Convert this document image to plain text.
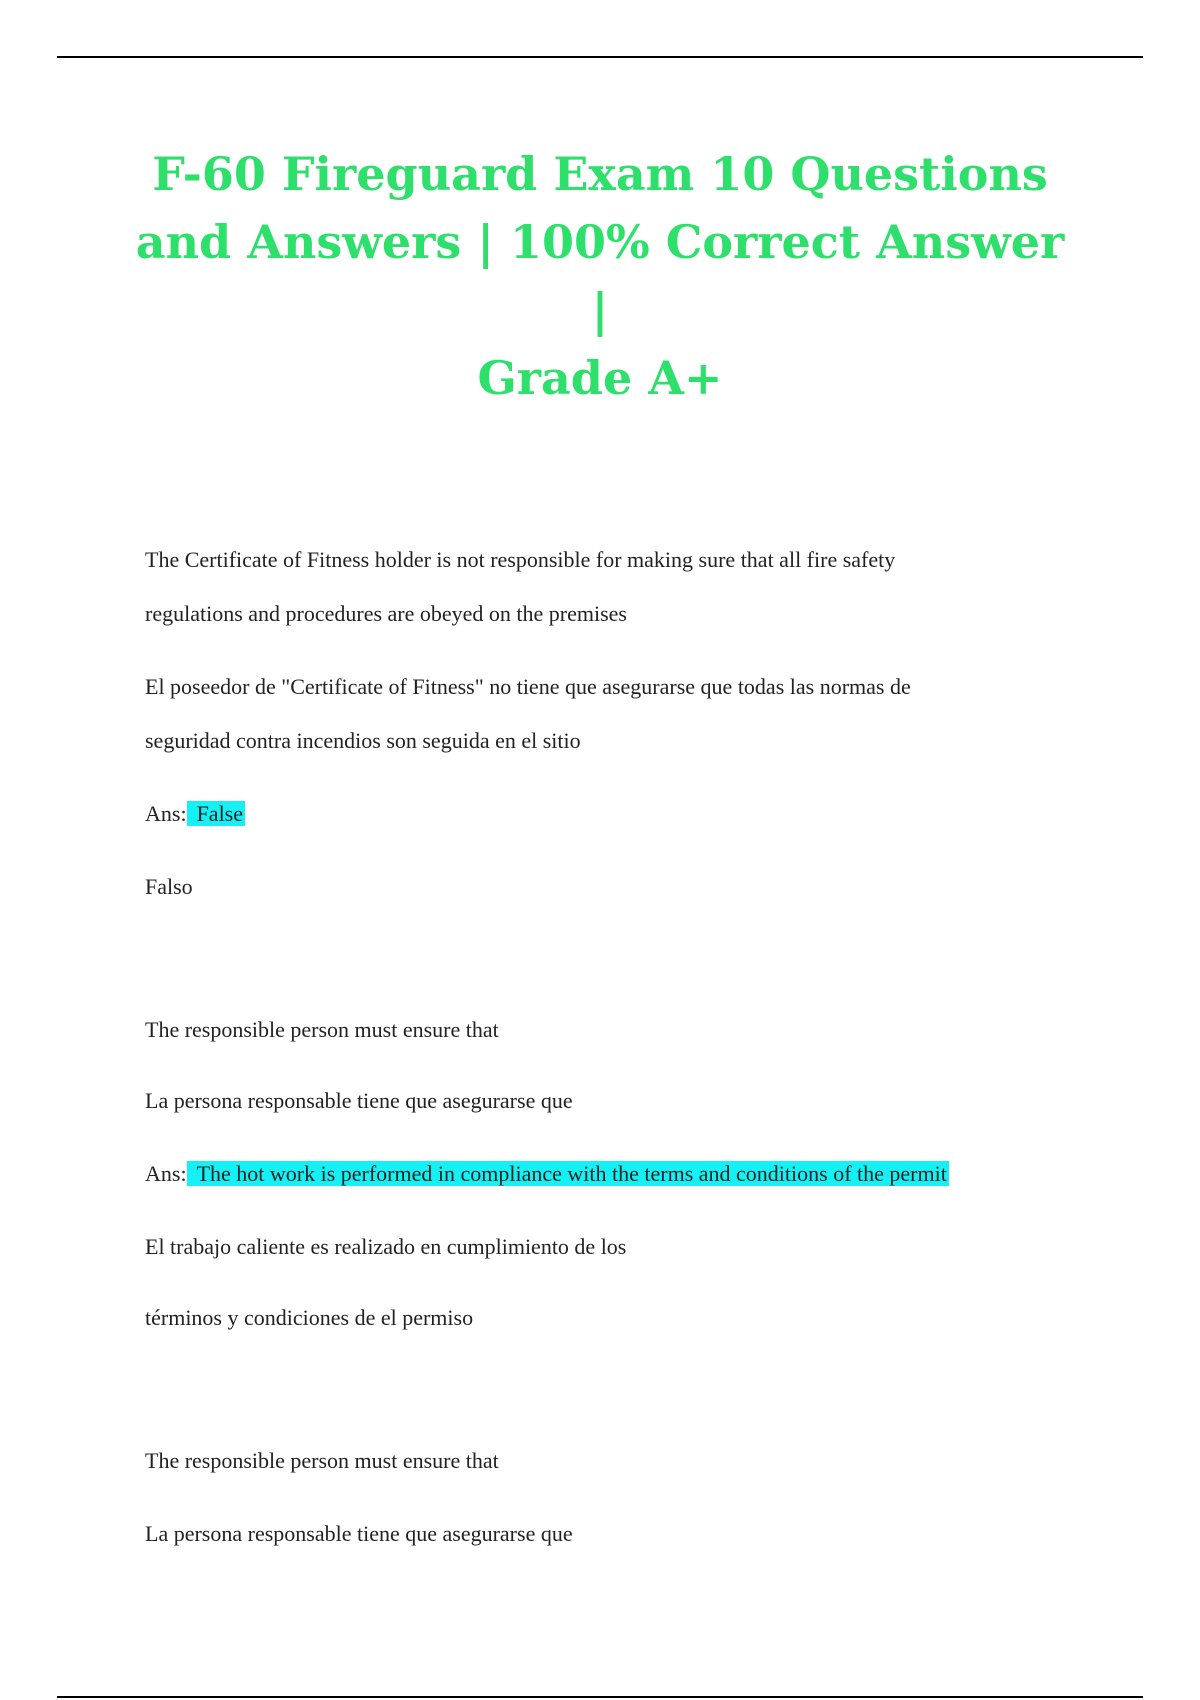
F-60 Fireguard Exam 10 Questions
and Answers | 100% Correct Answer |
Grade A+

The Certificate of Fitness holder is not responsible for making sure that all fire safety

regulations and procedures are obeyed on the premises

El poseedor de "Certificate of Fitness" no tiene que asegurarse que todas las normas de

seguridad contra incendios son seguida en el sitio

Ans: False

Falso

The responsible person must ensure that

La persona responsable tiene que asegurarse que

Ans: The hot work is performed in compliance with the terms and conditions of the permit

El trabajo caliente es realizado en cumplimiento de los

términos y condiciones de el permiso

The responsible person must ensure that

La persona responsable tiene que asegurarse que
